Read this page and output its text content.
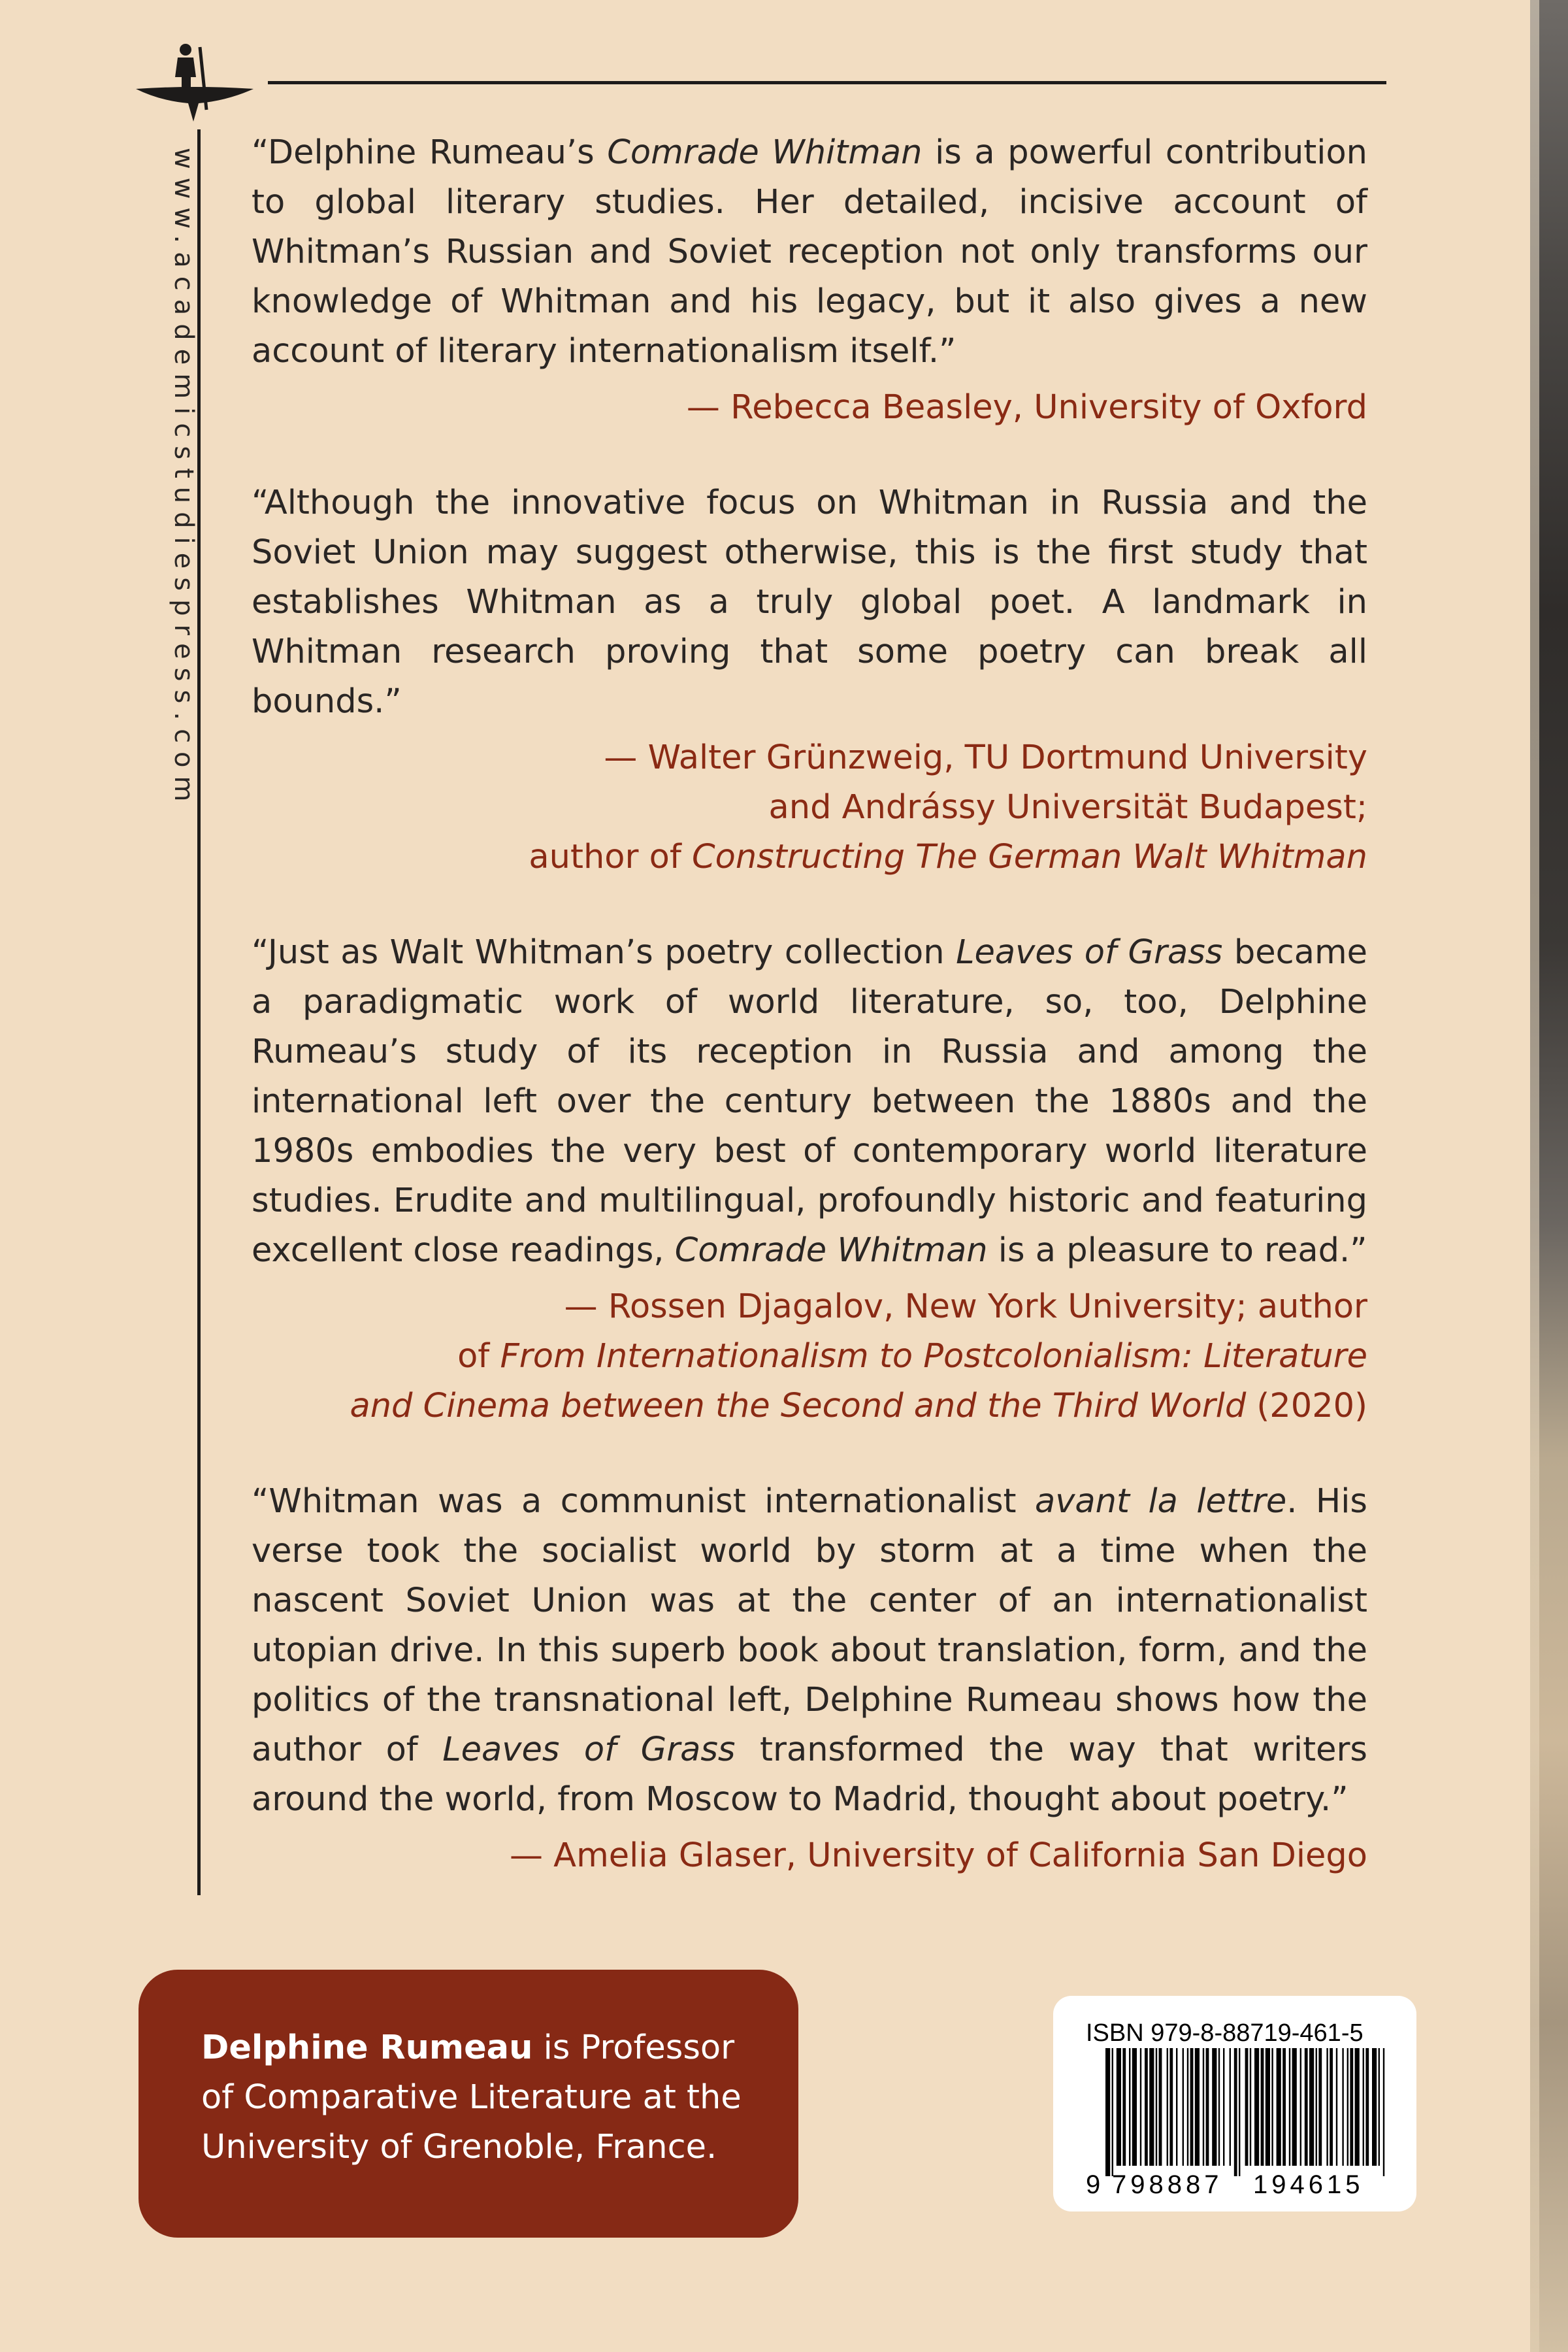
www.academicstudiespress.com “Delphine Rumeau’s Comrade Whitman is a powerful contribution to global literary studies. Her detailed, incisive account of Whitman’s Russian and Soviet reception not only transforms our knowledge of Whitman and his legacy, but it also gives a new account of literary internationalism itself.”

— Rebecca Beasley, University of Oxford

“Although the innovative focus on Whitman in Russia and the Soviet Union may suggest otherwise, this is the first study that establishes Whitman as a truly global poet. A landmark in Whitman research proving that some poetry can break all bounds.”

— Walter Grünzweig, TU Dortmund University
and Andrássy Universität Budapest;
author of Constructing The German Walt Whitman

“Just as Walt Whitman’s poetry collection Leaves of Grass became a paradigmatic work of world literature, so, too, Delphine Rumeau’s study of its reception in Russia and among the international left over the century between the 1880s and the 1980s embodies the very best of contemporary world literature studies. Erudite and multilingual, profoundly historic and featuring excellent close readings, Comrade Whitman is a pleasure to read.”

— Rossen Djagalov, New York University; author
of From Internationalism to Postcolonialism: Literature
and Cinema between the Second and the Third World (2020)

“Whitman was a communist internationalist avant la lettre. His verse took the socialist world by storm at a time when the nascent Soviet Union was at the center of an internationalist utopian drive. In this superb book about translation, form, and the politics of the transnational left, Delphine Rumeau shows how the author of Leaves of Grass transformed the way that writers around the world, from Moscow to Madrid, thought about poetry.”

— Amelia Glaser, University of California San Diego

Delphine Rumeau is Professor of Comparative Literature at the University of Grenoble, France.
ISBN 979-8-88719-461-5
9 798887 194615
